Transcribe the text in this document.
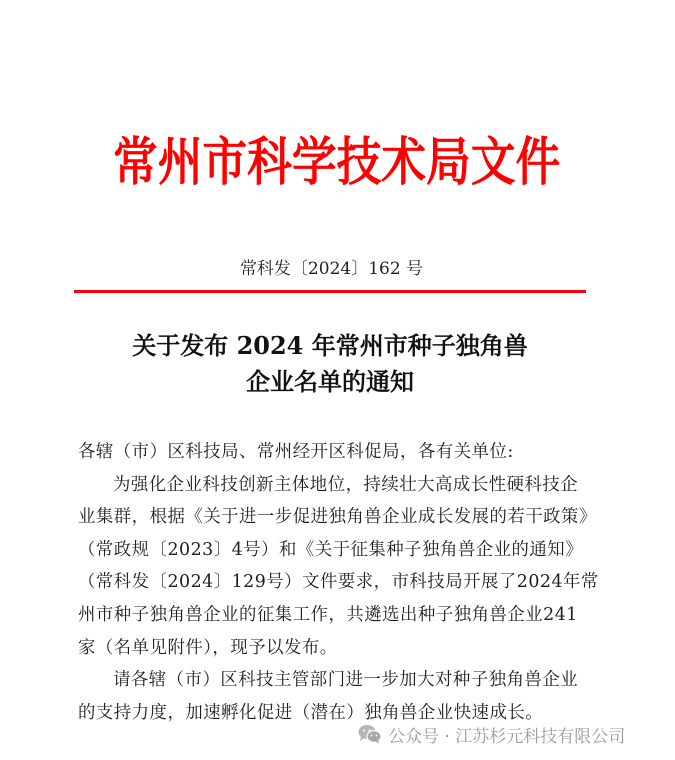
常州市科学技术局文件
常科发〔2024〕162 号
关于发布 2024 年常州市种子独角兽
企业名单的通知
各辖（市）区科技局、常州经开区科促局，各有关单位:
为强化企业科技创新主体地位，持续壮大高成长性硬科技企
业集群，根据《关于进一步促进独角兽企业成长发展的若干政策》
（常政规〔2023〕4号）和《关于征集种子独角兽企业的通知》
（常科发〔2024〕129号）文件要求，市科技局开展了2024年常
州市种子独角兽企业的征集工作，共遴选出种子独角兽企业241
家（名单见附件），现予以发布。
请各辖（市）区科技主管部门进一步加大对种子独角兽企业
的支持力度，加速孵化促进（潜在）独角兽企业快速成长。
公众号 · 江苏杉元科技有限公司
